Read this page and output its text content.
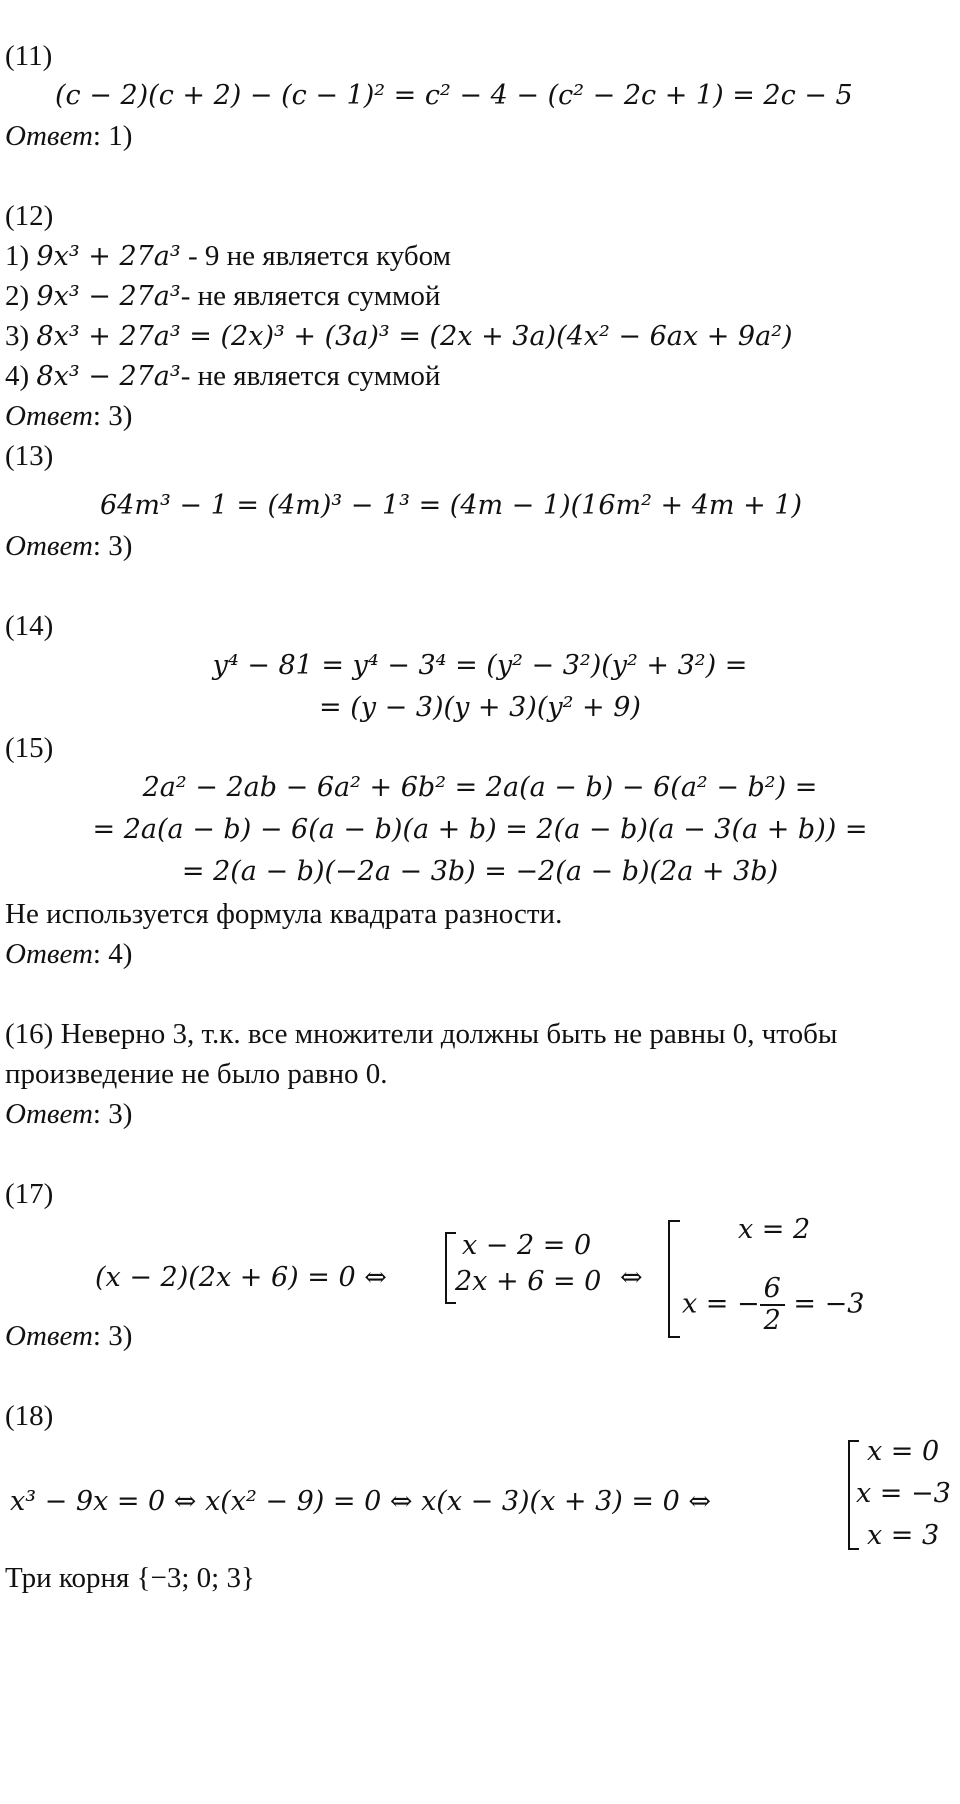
(11)
(c − 2)(c + 2) − (c − 1)² = c² − 4 − (c² − 2c + 1) = 2c − 5
Ответ: 1)
(12)
1) 9x³ + 27a³ - 9 не является кубом
2) 9x³ − 27a³- не является суммой
3) 8x³ + 27a³ = (2x)³ + (3a)³ = (2x + 3a)(4x² − 6ax + 9a²)
4) 8x³ − 27a³- не является суммой
Ответ: 3)
(13)
64m³ − 1 = (4m)³ − 1³ = (4m − 1)(16m² + 4m + 1)
Ответ: 3)
(14)
y⁴ − 81 = y⁴ − 3⁴ = (y² − 3²)(y² + 3²) =
= (y − 3)(y + 3)(y² + 9)
(15)
2a² − 2ab − 6a² + 6b² = 2a(a − b) − 6(a² − b²) =
= 2a(a − b) − 6(a − b)(a + b) = 2(a − b)(a − 3(a + b)) =
= 2(a − b)(−2a − 3b) = −2(a − b)(2a + 3b)
Не используется формула квадрата разности.
Ответ: 4)
(16) Неверно 3, т.к. все множители должны быть не равны 0, чтобы
произведение не было равно 0.
Ответ: 3)
(17)
(x − 2)(2x + 6) = 0 ⇔
x − 2 = 0
2x + 6 = 0 ⇔
x = 2
x = − $\frac{6}{2} = -3$
Ответ: 3)
(18)
x³ − 9x = 0 ⇔ x(x² − 9) = 0 ⇔ x(x − 3)(x + 3) = 0 ⇔
x = 0
x = −3
x = 3
Три корня {−3; 0; 3}
